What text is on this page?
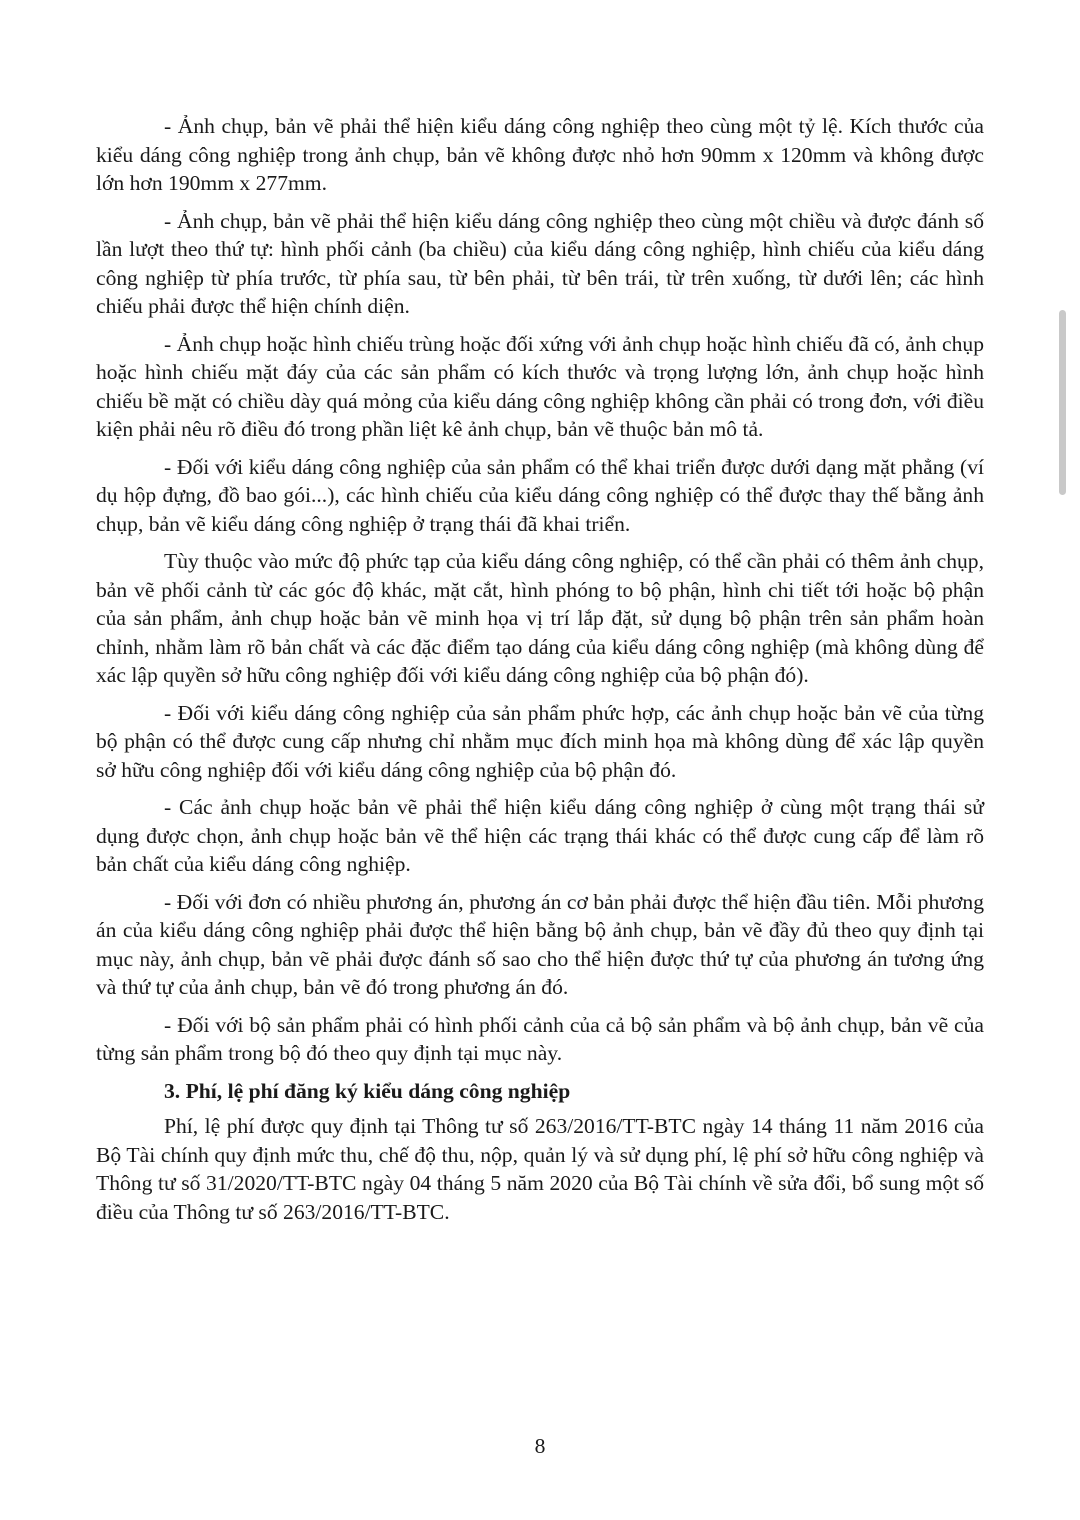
- Ảnh chụp, bản vẽ phải thể hiện kiểu dáng công nghiệp theo cùng một tỷ lệ. Kích thước của kiểu dáng công nghiệp trong ảnh chụp, bản vẽ không được nhỏ hơn 90mm x 120mm và không được lớn hơn 190mm x 277mm.

- Ảnh chụp, bản vẽ phải thể hiện kiểu dáng công nghiệp theo cùng một chiều và được đánh số lần lượt theo thứ tự: hình phối cảnh (ba chiều) của kiểu dáng công nghiệp, hình chiếu của kiểu dáng công nghiệp từ phía trước, từ phía sau, từ bên phải, từ bên trái, từ trên xuống, từ dưới lên; các hình chiếu phải được thể hiện chính diện.

- Ảnh chụp hoặc hình chiếu trùng hoặc đối xứng với ảnh chụp hoặc hình chiếu đã có, ảnh chụp hoặc hình chiếu mặt đáy của các sản phẩm có kích thước và trọng lượng lớn, ảnh chụp hoặc hình chiếu bề mặt có chiều dày quá mỏng của kiểu dáng công nghiệp không cần phải có trong đơn, với điều kiện phải nêu rõ điều đó trong phần liệt kê ảnh chụp, bản vẽ thuộc bản mô tả.

- Đối với kiểu dáng công nghiệp của sản phẩm có thể khai triển được dưới dạng mặt phẳng (ví dụ hộp đựng, đồ bao gói...), các hình chiếu của kiểu dáng công nghiệp có thể được thay thế bằng ảnh chụp, bản vẽ kiểu dáng công nghiệp ở trạng thái đã khai triển.

Tùy thuộc vào mức độ phức tạp của kiểu dáng công nghiệp, có thể cần phải có thêm ảnh chụp, bản vẽ phối cảnh từ các góc độ khác, mặt cắt, hình phóng to bộ phận, hình chi tiết tới hoặc bộ phận của sản phẩm, ảnh chụp hoặc bản vẽ minh họa vị trí lắp đặt, sử dụng bộ phận trên sản phẩm hoàn chỉnh, nhằm làm rõ bản chất và các đặc điểm tạo dáng của kiểu dáng công nghiệp (mà không dùng để xác lập quyền sở hữu công nghiệp đối với kiểu dáng công nghiệp của bộ phận đó).

- Đối với kiểu dáng công nghiệp của sản phẩm phức hợp, các ảnh chụp hoặc bản vẽ của từng bộ phận có thể được cung cấp nhưng chỉ nhằm mục đích minh họa mà không dùng để xác lập quyền sở hữu công nghiệp đối với kiểu dáng công nghiệp của bộ phận đó.

- Các ảnh chụp hoặc bản vẽ phải thể hiện kiểu dáng công nghiệp ở cùng một trạng thái sử dụng được chọn, ảnh chụp hoặc bản vẽ thể hiện các trạng thái khác có thể được cung cấp để làm rõ bản chất của kiểu dáng công nghiệp.

- Đối với đơn có nhiều phương án, phương án cơ bản phải được thể hiện đầu tiên. Mỗi phương án của kiểu dáng công nghiệp phải được thể hiện bằng bộ ảnh chụp, bản vẽ đầy đủ theo quy định tại mục này, ảnh chụp, bản vẽ phải được đánh số sao cho thể hiện được thứ tự của phương án tương ứng và thứ tự của ảnh chụp, bản vẽ đó trong phương án đó.

- Đối với bộ sản phẩm phải có hình phối cảnh của cả bộ sản phẩm và bộ ảnh chụp, bản vẽ của từng sản phẩm trong bộ đó theo quy định tại mục này.

3. Phí, lệ phí đăng ký kiểu dáng công nghiệp

Phí, lệ phí được quy định tại Thông tư số 263/2016/TT-BTC ngày 14 tháng 11 năm 2016 của Bộ Tài chính quy định mức thu, chế độ thu, nộp, quản lý và sử dụng phí, lệ phí sở hữu công nghiệp và Thông tư số 31/2020/TT-BTC ngày 04 tháng 5 năm 2020 của Bộ Tài chính về sửa đổi, bổ sung một số điều của Thông tư số 263/2016/TT-BTC.

8
